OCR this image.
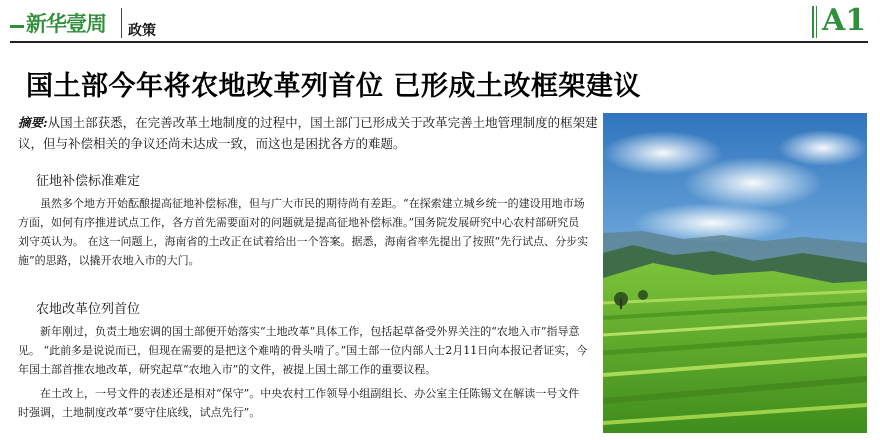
新华壹周 政策	A1
国土部今年将农地改革列首位 已形成土改框架建议

摘要:从国土部获悉，在完善改革土地制度的过程中，国土部门已形成关于改革完善土地管理制度的框架建议，但与补偿相关的争议还尚未达成一致，而这也是困扰各方的难题。

征地补偿标准难定

虽然多个地方开始酝酿提高征地补偿标准，但与广大市民的期待尚有差距。“在探索建立城乡统一的建设用地市场方面，如何有序推进试点工作，各方首先需要面对的问题就是提高征地补偿标准。”国务院发展研究中心农村部研究员刘守英认为。 在这一问题上，海南省的土改正在试着给出一个答案。据悉，海南省率先提出了按照“先行试点、分步实施”的思路，以撬开农地入市的大门。

农地改革位列首位

新年刚过，负责土地宏调的国土部便开始落实“土地改革”具体工作，包括起草备受外界关注的“农地入市”指导意见。 “此前多是说说而已，但现在需要的是把这个难啃的骨头啃了。”国土部一位内部人士2月11日向本报记者证实，今年国土部首推农地改革，研究起草“农地入市”的文件，被提上国土部工作的重要议程。

在土改上，一号文件的表述还是相对“保守”。中央农村工作领导小组副组长、办公室主任陈锡文在解读一号文件时强调，土地制度改革“要守住底线，试点先行”。
